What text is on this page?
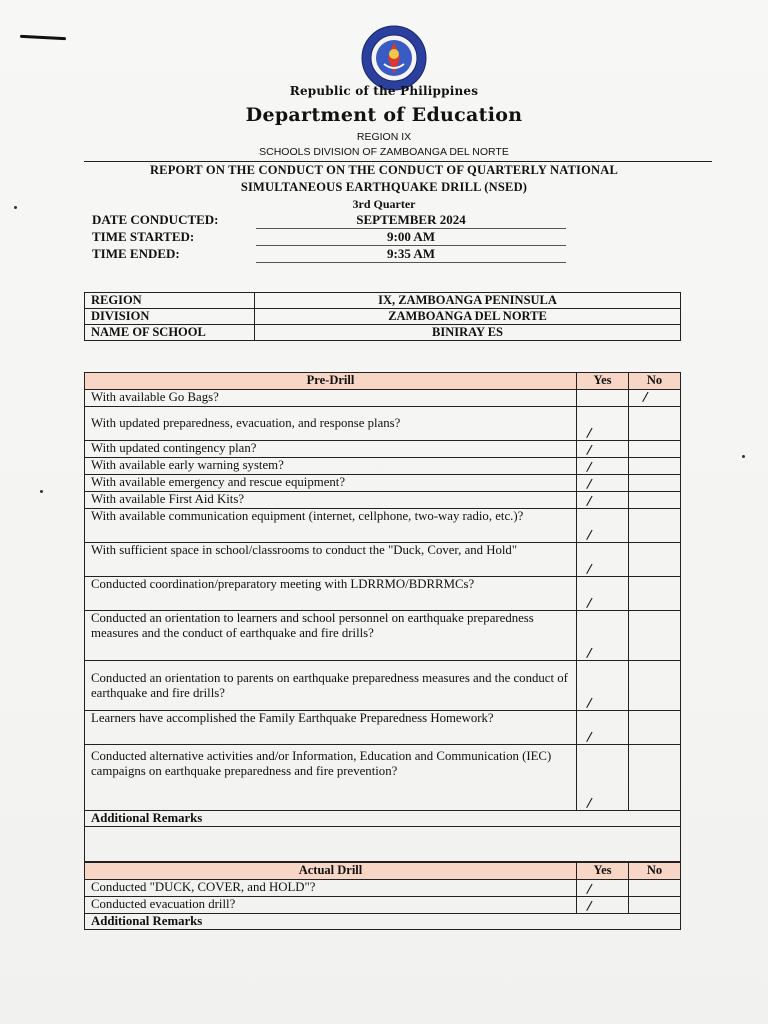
Republic of the Philippines
Department of Education
REGION IX
SCHOOLS DIVISION OF ZAMBOANGA DEL NORTE
REPORT ON THE CONDUCT ON THE CONDUCT OF QUARTERLY NATIONAL
SIMULTANEOUS EARTHQUAKE DRILL (NSED)
3rd Quarter
DATE CONDUCTED:	SEPTEMBER 2024
TIME STARTED:	9:00 AM
TIME ENDED:	9:35 AM
REGION	IX, ZAMBOANGA PENINSULA
DIVISION	ZAMBOANGA DEL NORTE
NAME OF SCHOOL	BINIRAY ES
Pre-Drill	Yes	No
With available Go Bags?		/

With updated preparedness, evacuation, and response plans?	/	

With updated contingency plan?	/	

With available early warning system?	/	

With available emergency and rescue equipment?	/	

With available First Aid Kits?	/	

With available communication equipment (internet, cellphone, two-way radio, etc.)?	/	

With sufficient space in school/classrooms to conduct the "Duck, Cover, and Hold"	/	

Conducted coordination/preparatory meeting with LDRRMO/BDRRMCs?	/	

Conducted an orientation to learners and school personnel on earthquake preparedness measures and the conduct of earthquake and fire drills?	/	

Conducted an orientation to parents on earthquake preparedness measures and the conduct of earthquake and fire drills?	/	

Learners have accomplished the Family Earthquake Preparedness Homework?	/	

Conducted alternative activities and/or Information, Education and Communication (IEC) campaigns on earthquake preparedness and fire prevention?	/	

Additional Remarks		

Actual Drill	Yes	No
Conducted "DUCK, COVER, and HOLD"?	/	

Conducted evacuation drill?	/	

Additional Remarks		
